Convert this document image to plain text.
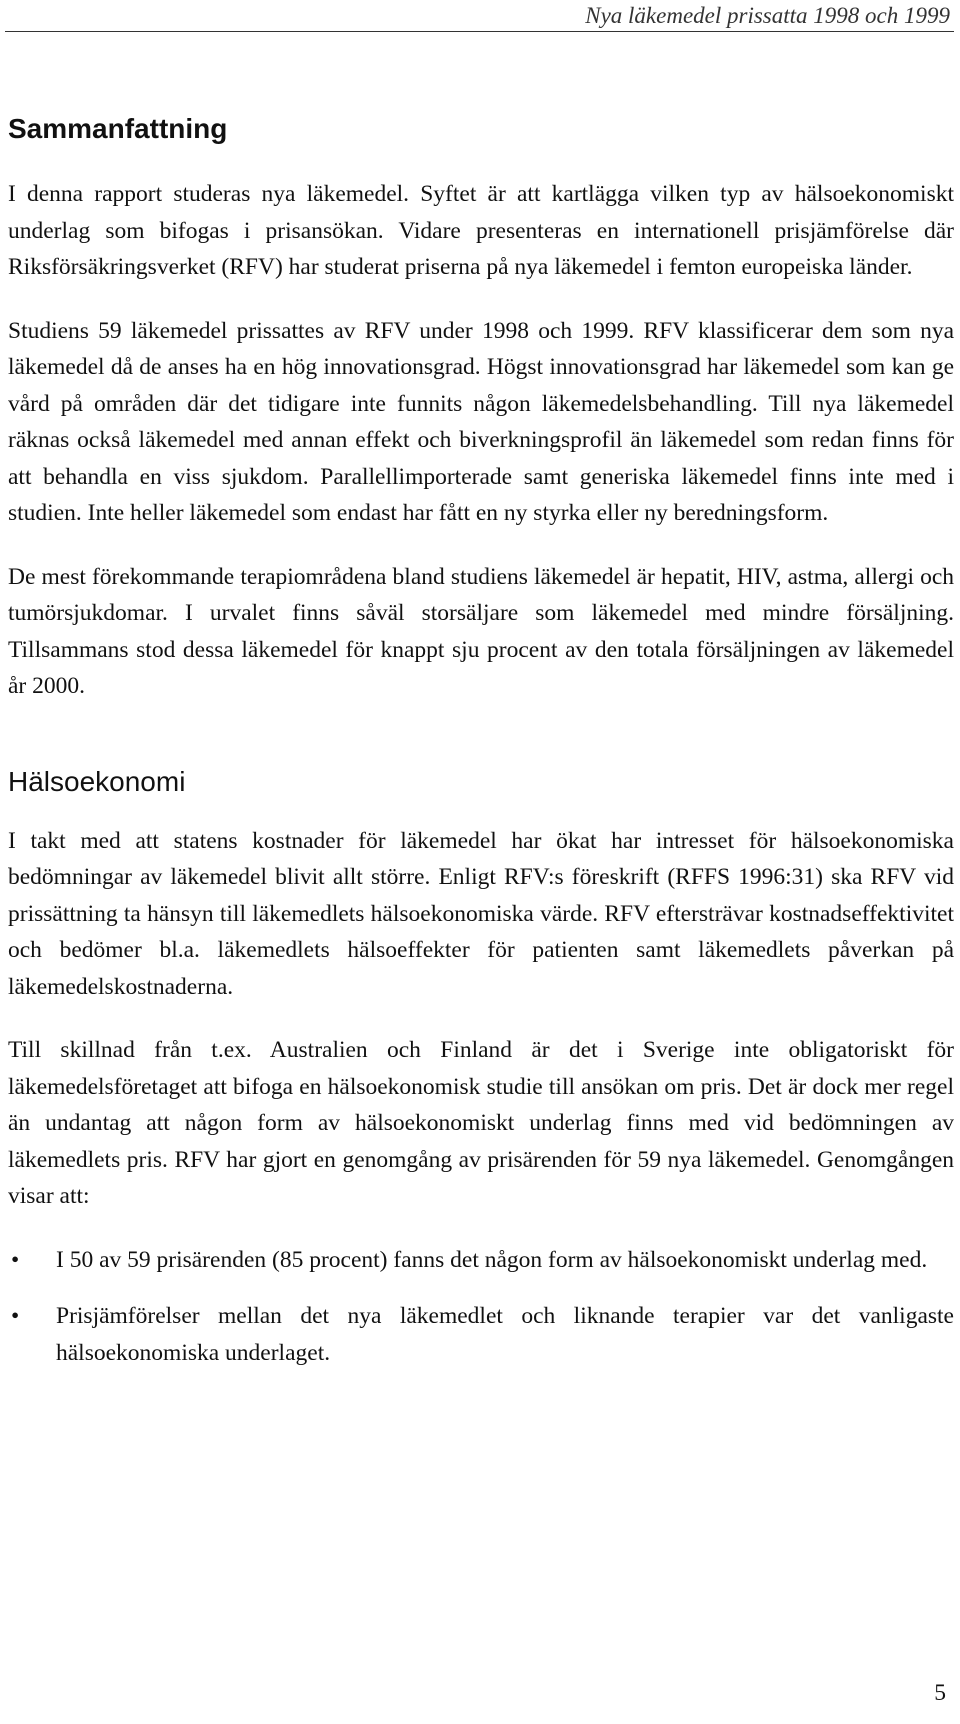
Nya läkemedel prissatta 1998 och 1999

Sammanfattning

I denna rapport studeras nya läkemedel. Syftet är att kartlägga vilken typ av hälsoekonomiskt underlag som bifogas i prisansökan. Vidare presenteras en internationell prisjämförelse där Riksförsäkringsverket (RFV) har studerat priserna på nya läkemedel i femton europeiska länder.

Studiens 59 läkemedel prissattes av RFV under 1998 och 1999. RFV klassificerar dem som nya läkemedel då de anses ha en hög innovationsgrad. Högst innovationsgrad har läkemedel som kan ge vård på områden där det tidigare inte funnits någon läkemedelsbehandling. Till nya läkemedel räknas också läkemedel med annan effekt och biverkningsprofil än läkemedel som redan finns för att behandla en viss sjukdom. Parallellimporterade samt generiska läkemedel finns inte med i studien. Inte heller läkemedel som endast har fått en ny styrka eller ny beredningsform.

De mest förekommande terapiområdena bland studiens läkemedel är hepatit, HIV, astma, allergi och tumörsjukdomar. I urvalet finns såväl storsäljare som läkemedel med mindre försäljning. Tillsammans stod dessa läkemedel för knappt sju procent av den totala försäljningen av läkemedel år 2000.

Hälsoekonomi

I takt med att statens kostnader för läkemedel har ökat har intresset för hälsoekonomiska bedömningar av läkemedel blivit allt större. Enligt RFV:s föreskrift (RFFS 1996:31) ska RFV vid prissättning ta hänsyn till läkemedlets hälsoekonomiska värde. RFV eftersträvar kostnadseffektivitet och bedömer bl.a. läkemedlets hälsoeffekter för patienten samt läkemedlets påverkan på läkemedelskostnaderna.

Till skillnad från t.ex. Australien och Finland är det i Sverige inte obligatoriskt för läkemedelsföretaget att bifoga en hälsoekonomisk studie till ansökan om pris. Det är dock mer regel än undantag att någon form av hälsoekonomiskt underlag finns med vid bedömningen av läkemedlets pris. RFV har gjort en genomgång av prisärenden för 59 nya läkemedel. Genomgången visar att:

• I 50 av 59 prisärenden (85 procent) fanns det någon form av hälsoekonomiskt underlag med.
• Prisjämförelser mellan det nya läkemedlet och liknande terapier var det vanligaste hälsoekonomiska underlaget.

5
